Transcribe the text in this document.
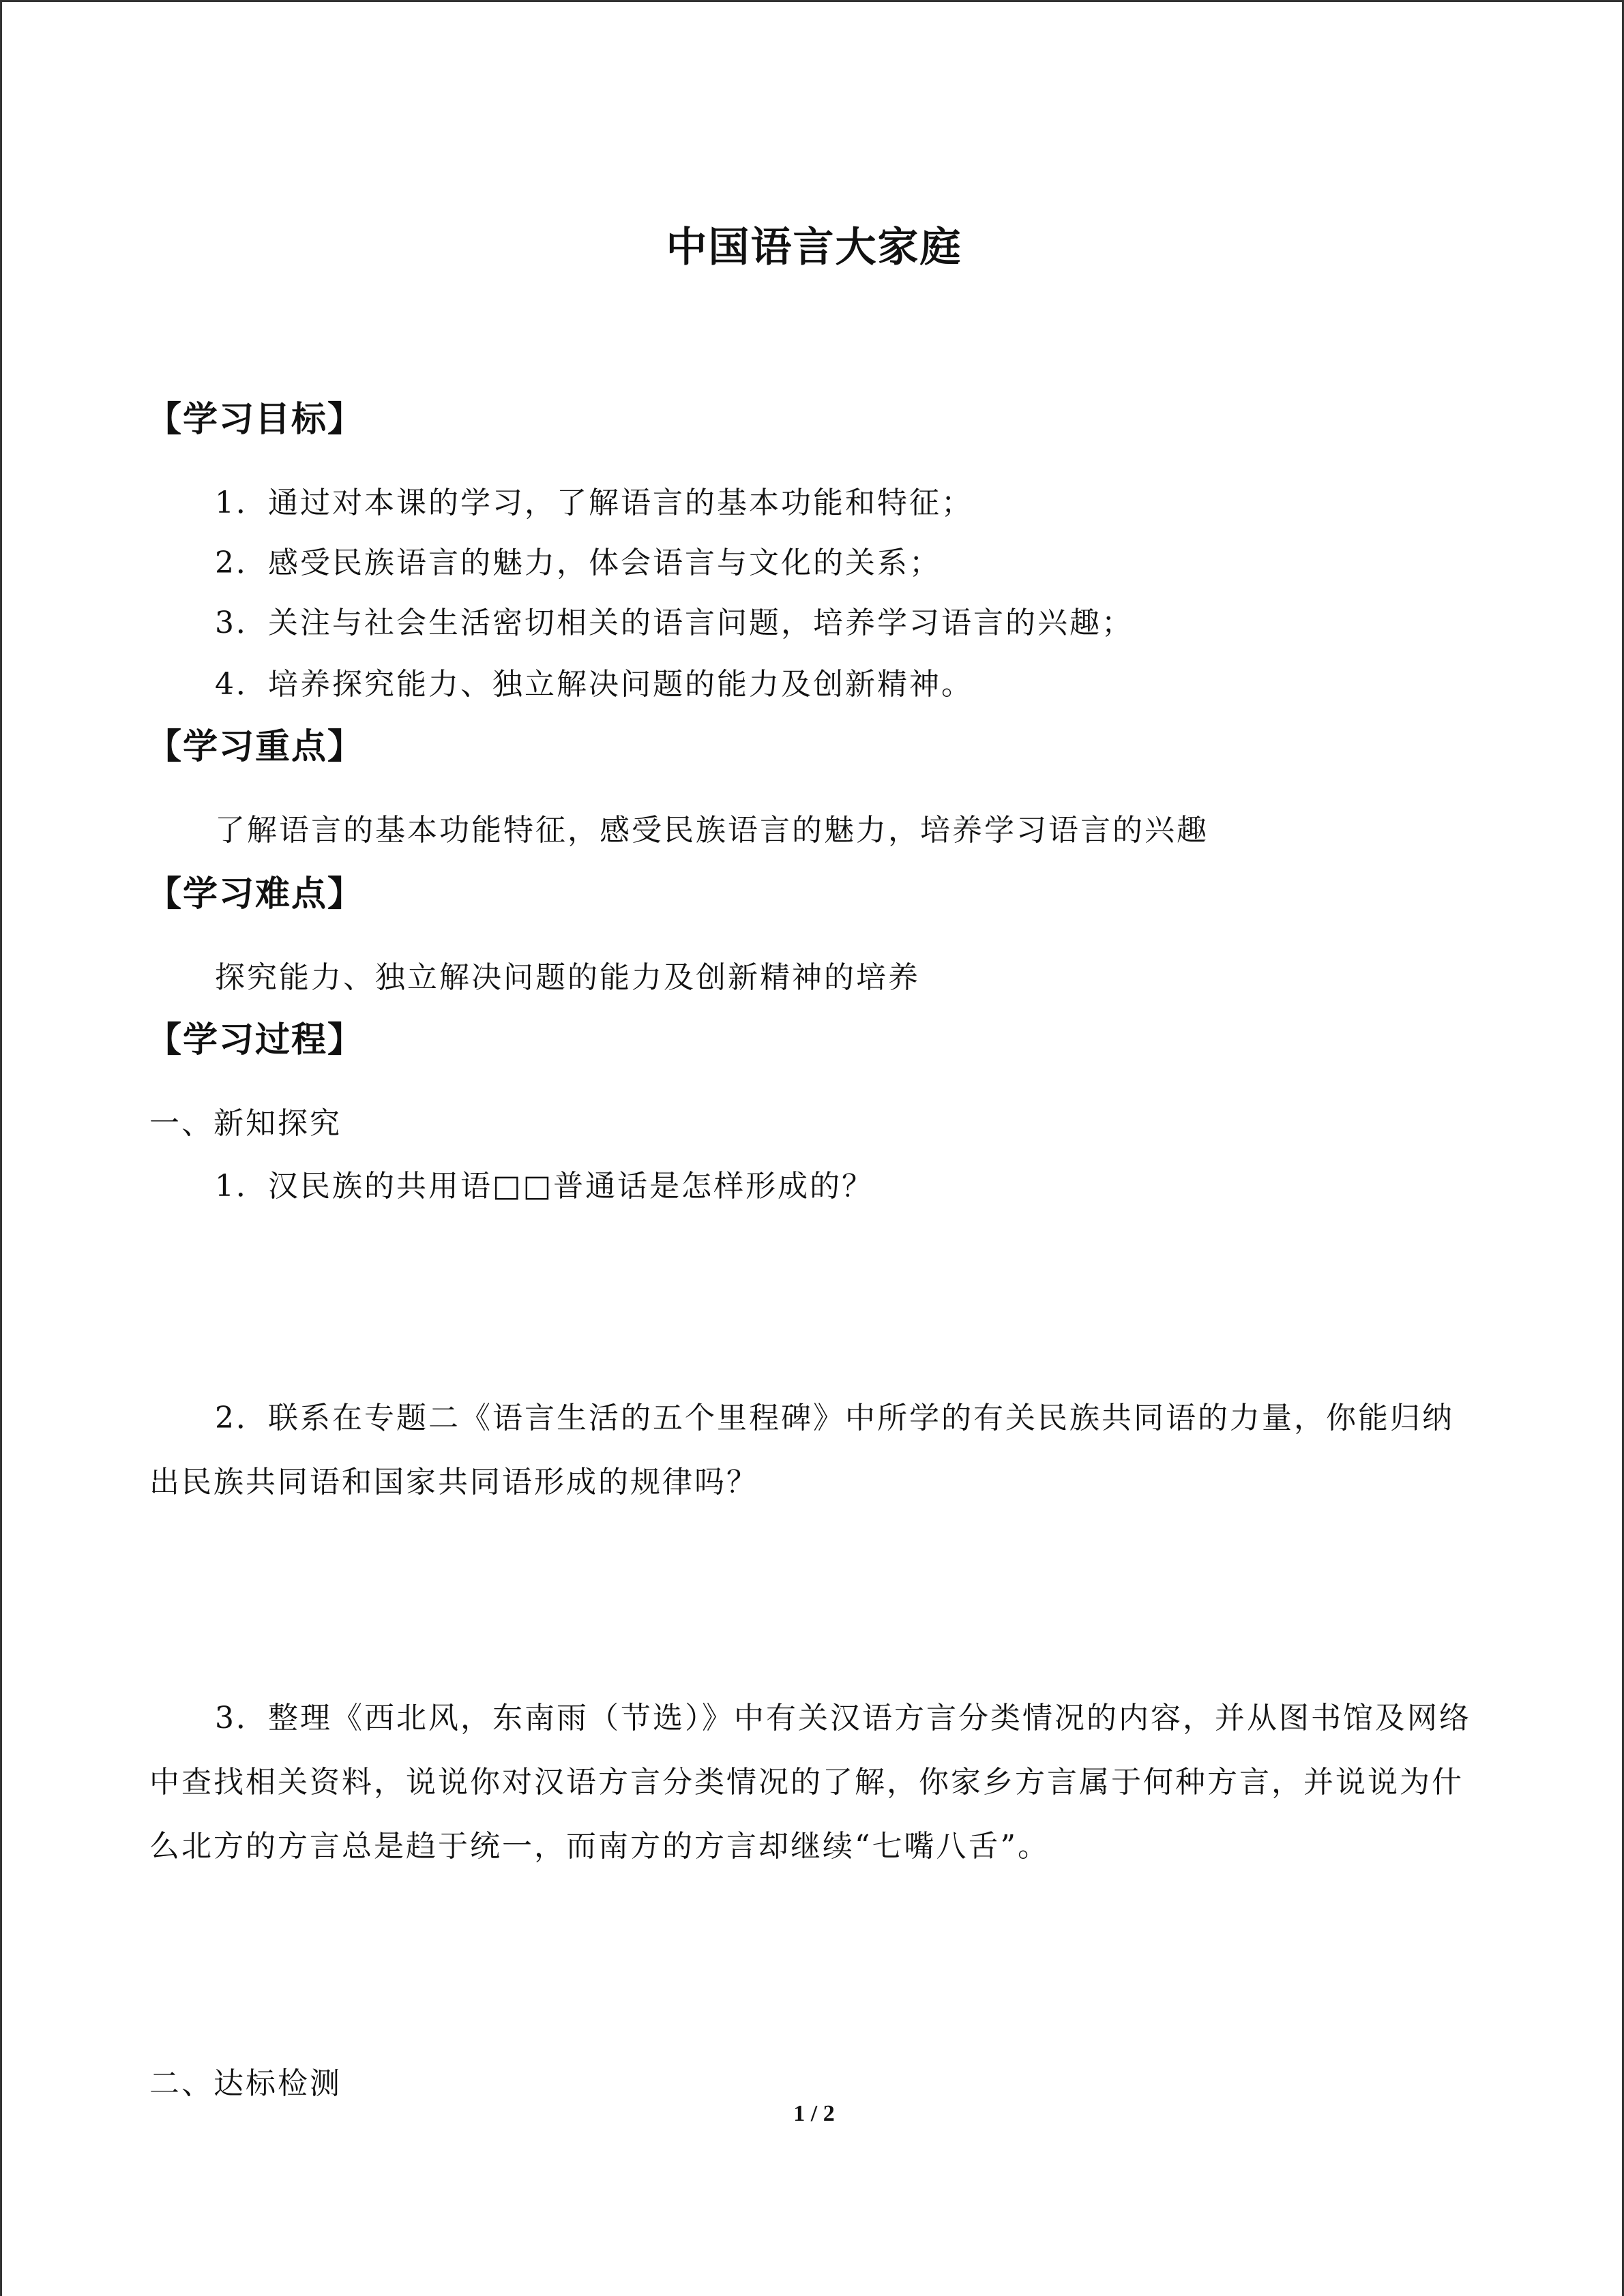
中国语言大家庭
【学习目标】
1．通过对本课的学习，了解语言的基本功能和特征；
2．感受民族语言的魅力，体会语言与文化的关系；
3．关注与社会生活密切相关的语言问题，培养学习语言的兴趣；
4．培养探究能力、独立解决问题的能力及创新精神。
【学习重点】
了解语言的基本功能特征，感受民族语言的魅力，培养学习语言的兴趣
【学习难点】
探究能力、独立解决问题的能力及创新精神的培养
【学习过程】
一、新知探究
1．汉民族的共用语□□普通话是怎样形成的？
2．联系在专题二《语言生活的五个里程碑》中所学的有关民族共同语的力量，你能归纳出民族共同语和国家共同语形成的规律吗？
3．整理《西北风，东南雨（节选）》中有关汉语方言分类情况的内容，并从图书馆及网络中查找相关资料，说说你对汉语方言分类情况的了解，你家乡方言属于何种方言，并说说为什么北方的方言总是趋于统一，而南方的方言却继续“七嘴八舌”。
二、达标检测
1 / 2
